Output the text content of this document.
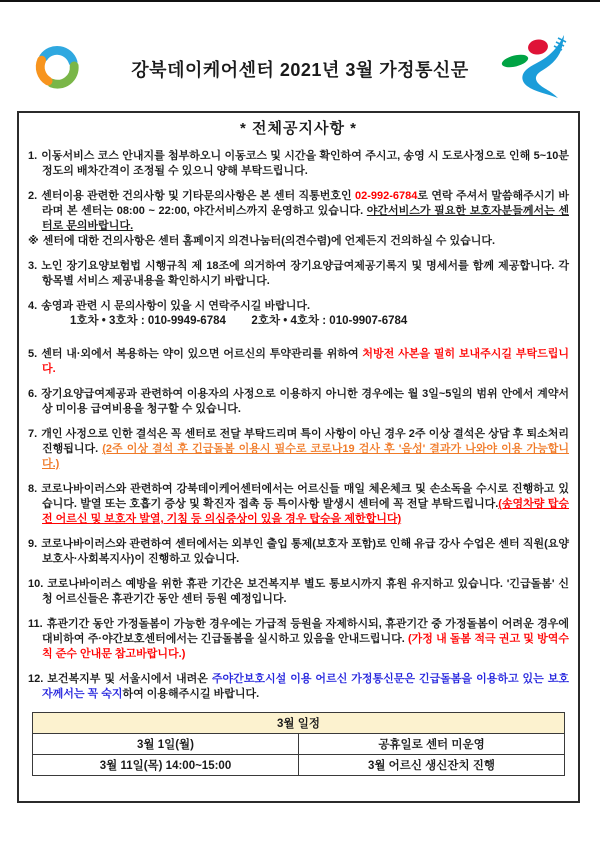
강북데이케어센터 2021년 3월 가정통신문
* 전체공지사항 *
1. 이동서비스 코스 안내지를 첨부하오니 이동코스 및 시간을 확인하여 주시고, 송영 시 도로사정으로 인해 5~10분정도의 배차간격이 조정될 수 있으니 양해 부탁드립니다.
2. 센터이용 관련한 건의사항 및 기타문의사항은 본 센터 직통번호인 02-992-6784로 연락 주셔서 말씀해주시기 바라며 본 센터는 08:00 ~ 22:00, 야간서비스까지 운영하고 있습니다. 야간서비스가 필요한 보호자분들께서는 센터로 문의바랍니다.
※ 센터에 대한 건의사항은 센터 홈페이지 의견나눔터(의견수렴)에 언제든지 건의하실 수 있습니다.
3. 노인 장기요양보험법 시행규칙 제 18조에 의거하여 장기요양급여제공기록지 및 명세서를 함께 제공합니다. 각 항목별 서비스 제공내용을 확인하시기 바랍니다.
4. 송영과 관련 시 문의사항이 있을 시 연락주시길 바랍니다.
1호차 • 3호차 : 010-9949-6784        2호차 • 4호차 : 010-9907-6784
5. 센터 내·외에서 복용하는 약이 있으면 어르신의 투약관리를 위하여 처방전 사본을 필히 보내주시길 부탁드립니다.
6. 장기요양급여제공과 관련하여 이용자의 사정으로 이용하지 아니한 경우에는 월 3일~5일의 범위 안에서 계약서상 미이용 급여비용을 청구할 수 있습니다.
7. 개인 사정으로 인한 결석은 꼭 센터로 전달 부탁드리며 특이 사항이 아닌 경우 2주 이상 결석은 상담 후 퇴소처리 진행됩니다. (2주 이상 결석 후 긴급돌봄 이용시 필수로 코로나19 검사 후 '음성' 결과가 나와야 이용 가능합니다.)
8. 코로나바이러스와 관련하여 강북데이케어센터에서는 어르신들 매일 체온체크 및 손소독을 수시로 진행하고 있습니다. 발열 또는 호흡기 증상 및 확진자 접촉 등 특이사항 발생시 센터에 꼭 전달 부탁드립니다.(송영차량 탑승전 어르신 및 보호자 발열, 기침 등 의심증상이 있을 경우 탑승을 제한합니다)
9. 코로나바이러스와 관련하여 센터에서는 외부인 출입 통제(보호자 포함)로 인해 유급 강사 수업은 센터 직원(요양보호사·사회복지사)이 진행하고 있습니다.
10. 코로나바이러스 예방을 위한 휴관 기간은 보건복지부 별도 통보시까지 휴원 유지하고 있습니다. '긴급돌봄' 신청 어르신들은 휴관기간 동안 센터 등원 예정입니다.
11. 휴관기간 동안 가정돌봄이 가능한 경우에는 가급적 등원을 자제하시되, 휴관기간 중 가정돌봄이 어려운 경우에 대비하여 주·야간보호센터에서는 긴급돌봄을 실시하고 있음을 안내드립니다. (가정 내 돌봄 적극 권고 및 방역수칙 준수 안내문 참고바랍니다.)
12. 보건복지부 및 서울시에서 내려온 주야간보호시설 이용 어르신 가정통신문은 긴급돌봄을 이용하고 있는 보호자께서는 꼭 숙지하여 이용해주시길 바랍니다.
3월 일정	
3월 1일(월)	공휴일로 센터 미운영
3월 11일(목) 14:00~15:00	3월 어르신 생신잔치 진행
